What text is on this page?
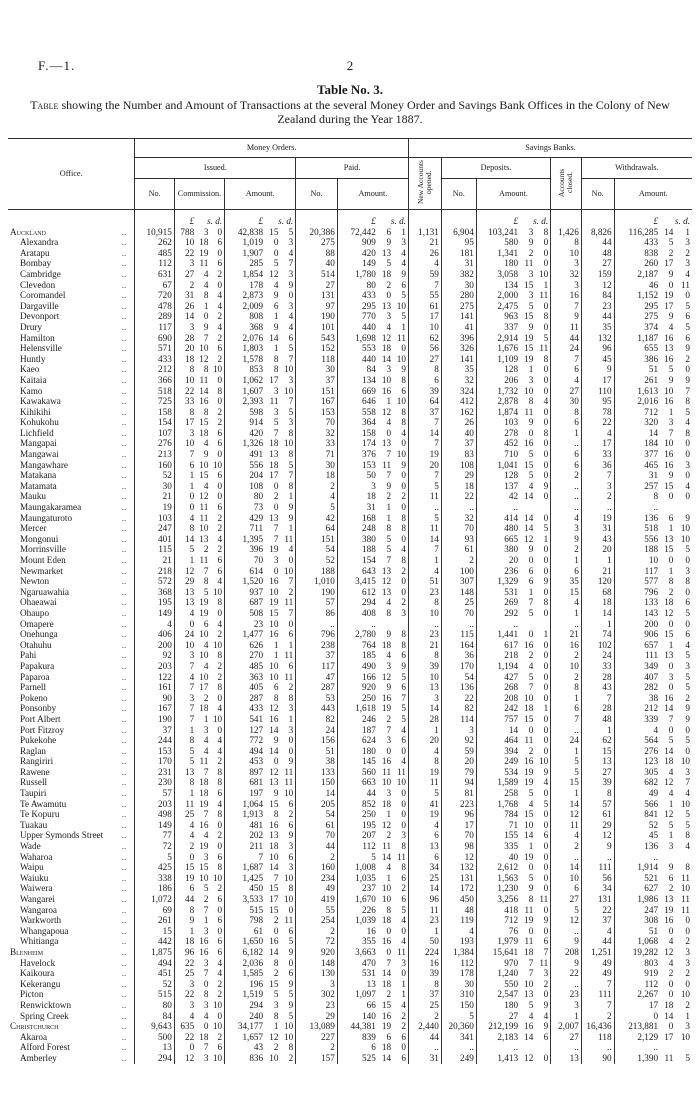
F.—1.	2
Table No. 3.
Table showing the Number and Amount of Transactions at the several Money Order and Savings Bank Offices in the Colony of New Zealand during the Year 1887.
Office.		Money Orders.											Savings Banks.									
		Issued.							Paid.				New Accounts opened.	Deposits.				Accounts closed.	Withdrawals.			
		No.	Commission.			Amount.			No.	Amount.				No.	Amount.				No.	Amount.		

			£	s. d.		£	s. d.			£	s. d.				£	s. d.				£	s. d.	
Auckland	..	10,915	788	3	0	42,838	15	5	20,386	72,442	6	1	1,131	6,904	103,241	3	8	1,426	8,826	116,285	14	1
Alexandra	..	262	10	18	6	1,019	0	3	275	909	9	3	21	95	580	9	0	8	44	433	5	3
Aratapu	..	485	22	19	0	1,907	0	4	88	420	13	4	26	181	1,341	2	0	10	48	838	2	2
Bombay	..	112	3	11	6	285	5	7	40	149	5	4	4	31	180	11	0	3	27	260	17	3
Cambridge	..	631	27	4	2	1,854	12	3	514	1,780	18	9	59	382	3,058	3	10	32	159	2,187	9	4
Clevedon	..	67	2	4	0	178	4	9	27	80	2	6	7	30	134	15	1	3	12	46	0	11
Coromandel	..	720	31	8	4	2,873	9	0	131	433	0	5	55	280	2,000	3	11	16	84	1,152	19	0
Dargaville	..	478	26	1	4	2,009	6	3	97	295	13	10	61	275	2,475	5	0	7	23	295	17	5
Devonport	..	289	14	0	2	808	1	4	190	770	3	5	17	141	963	15	8	9	44	275	9	6
Drury	..	117	3	9	4	368	9	4	101	440	4	1	10	41	337	9	0	11	35	374	4	5
Hamilton	..	690	28	7	2	2,076	14	6	543	1,698	12	11	62	396	2,914	19	5	44	132	1,187	16	6
Helensville	..	571	20	10	6	1,803	1	5	152	553	18	0	56	326	1,676	15	11	24	96	655	13	9
Huntly	..	433	18	12	2	1,578	8	7	118	440	14	10	27	141	1,109	19	8	7	45	386	16	2
Kaeo	..	212	8	8	10	853	8	10	30	84	3	9	8	35	128	1	0	6	9	51	5	0
Kaitaia	..	366	10	11	0	1,062	17	3	37	134	10	8	6	32	206	3	0	4	17	261	9	9
Kamo	..	518	22	14	8	1,607	3	10	151	669	16	6	39	324	1,732	10	0	27	110	1,613	10	7
Kawakawa	..	725	33	16	0	2,393	11	7	167	646	1	10	64	412	2,878	8	4	30	95	2,016	16	8
Kihikihi	..	158	8	8	2	598	3	5	153	558	12	8	37	162	1,874	11	0	8	78	712	1	5
Kohukohu	..	154	17	15	2	914	5	3	70	364	4	8	7	26	103	9	0	6	22	320	3	4
Lichfield	..	107	3	18	6	420	7	8	32	158	0	4	14	40	278	0	8	1	4	14	7	8
Mangapai	..	276	10	4	6	1,326	18	10	33	174	13	0	7	37	452	16	0	..	17	184	10	0
Mangawai	..	213	7	9	0	491	13	8	71	376	7	10	19	83	710	5	0	6	33	377	16	0
Mangawhare	..	160	6	10	10	556	18	5	30	153	11	9	20	108	1,041	15	0	6	36	465	16	3
Matakana	..	52	1	15	6	204	17	7	18	50	7	0	7	29	128	5	0	2	7	31	9	0
Matamata	..	30	1	4	0	108	0	8	2	3	9	0	5	18	137	4	9	..	3	257	15	4
Mauku	..	21	0	12	0	80	2	1	4	18	2	2	11	22	42	14	0	..	2	8	0	0
Maungakaramea	..	19	0	11	6	73	0	9	5	31	1	0	..	..	..			..	..	..		
Maungaturoto	..	103	4	11	2	429	13	9	42	168	1	8	5	32	414	14	0	4	19	136	6	9
Mercer	..	247	8	10	2	711	7	1	64	248	8	8	11	70	480	14	5	3	31	518	1	10
Mongonui	..	401	14	13	4	1,395	7	11	151	380	5	0	14	93	665	12	1	9	43	556	13	10
Morrinsville	..	115	5	2	2	396	19	4	54	188	5	4	7	61	380	9	0	2	20	188	15	5
Mount Eden	..	21	1	11	6	70	3	0	52	154	7	8	1	2	20	0	0	1	1	10	0	0
Newmarket	..	218	12	7	6	614	0	10	188	643	13	2	4	100	236	6	0	6	21	117	1	3
Newton	..	572	29	8	4	1,520	16	7	1,010	3,415	12	0	51	307	1,329	6	9	35	120	577	8	8
Ngaruawahia	..	368	13	5	10	937	10	2	190	612	13	0	23	148	531	1	0	15	68	796	2	0
Ohaeawai	..	195	13	19	8	687	19	11	57	294	4	2	8	25	269	7	8	4	18	133	18	6
Ohaupo	..	149	4	19	0	508	15	7	86	408	8	3	10	70	292	5	0	1	14	143	12	5
Omapere	..	4	0	6	4	23	10	0	..	..			..	..	..			..	1	200	0	0
Onehunga	..	406	24	10	2	1,477	16	6	796	2,780	9	8	23	115	1,441	0	1	21	74	906	15	6
Otahuhu	..	200	10	4	10	626	1	1	238	764	18	8	21	164	617	16	0	16	102	657	1	4
Pahi	..	92	3	10	8	270	1	11	37	185	4	6	8	36	218	2	0	2	24	111	13	5
Papakura	..	203	7	4	2	485	10	6	117	490	3	9	39	170	1,194	4	0	10	33	349	0	3
Paparoa	..	122	4	10	2	363	10	11	47	166	12	5	10	54	427	5	0	2	28	407	3	5
Parnell	..	161	7	17	8	405	6	2	287	920	9	6	13	136	268	7	0	8	43	282	0	5
Pokeno	..	90	3	2	0	287	8	8	53	250	16	7	3	22	208	10	0	1	7	38	16	2
Ponsonby	..	167	7	18	4	433	12	3	443	1,618	19	5	14	82	242	18	1	6	28	212	14	9
Port Albert	..	190	7	1	10	541	16	1	82	246	2	5	28	114	757	15	0	7	48	339	7	9
Port Fitzroy	..	37	1	3	0	127	14	3	24	187	7	4	1	3	14	0	0	..	1	4	0	0
Pukekohe	..	244	8	4	4	772	9	0	156	624	3	6	20	92	464	11	0	24	62	564	5	5
Raglan	..	153	5	4	4	494	14	0	51	180	0	0	4	59	394	2	0	1	15	276	14	0
Rangiriri	..	170	5	11	2	453	0	9	38	145	16	4	8	20	249	16	10	5	13	123	18	10
Rawene	..	231	13	7	8	897	12	11	133	560	11	11	19	79	534	19	9	5	27	305	4	3
Russell	..	230	8	18	8	681	13	11	150	663	10	10	11	94	1,589	19	4	15	39	682	12	7
Taupiri	..	57	1	18	6	197	9	10	14	44	3	0	5	81	258	5	0	1	8	49	4	4
Te Awamutu	..	203	11	19	4	1,064	15	6	205	852	18	0	41	223	1,768	4	5	14	57	566	1	10
Te Kopuru	..	498	25	7	8	1,913	8	2	54	250	1	0	19	96	784	15	0	12	61	841	12	5
Tuakau	..	149	4	16	0	481	16	6	61	195	12	0	4	17	71	10	0	11	29	52	5	5
Upper Symonds Street	..	77	4	4	2	202	13	9	70	207	2	3	6	70	155	14	6	4	12	45	1	8
Wade	..	72	2	19	0	211	18	3	44	112	11	8	13	98	335	1	0	2	9	136	3	4
Waharoa	..	5	0	3	6	7	10	6	2	5	14	11	6	12	40	19	0	..	..	..		
Waipu	..	425	15	15	8	1,687	14	3	160	1,008	4	8	34	132	2,612	0	0	14	111	1,914	9	8
Waiuku	..	338	19	10	10	1,425	7	10	234	1,035	1	6	25	131	1,563	5	0	10	56	521	6	11
Waiwera	..	186	6	5	2	450	15	8	49	237	10	2	14	172	1,230	9	0	6	34	627	2	10
Wangarei	..	1,072	44	2	6	3,533	17	10	419	1,670	10	6	96	450	3,256	8	11	27	131	1,986	13	11
Wangaroa	..	69	8	7	0	515	15	0	55	226	8	5	11	48	418	11	0	5	22	247	19	11
Warkworth	..	261	9	1	6	798	2	11	254	1,039	18	4	23	119	712	19	9	12	37	308	16	0
Whangapoua	..	15	1	3	0	61	0	6	2	16	0	0	1	4	76	0	0	..	4	51	0	0
Whitianga	..	442	18	16	6	1,650	16	5	72	355	16	4	50	193	1,979	11	6	9	44	1,068	4	2
Blenheim	..	1,875	96	16	6	6,182	14	9	920	3,663	0	11	224	1,384	15,641	18	7	208	1,251	19,282	12	3
Havelock	..	494	22	3	4	2,036	8	0	148	470	7	3	16	112	970	7	11	9	49	803	4	3
Kaikoura	..	451	25	7	4	1,585	2	6	130	531	14	0	39	178	1,240	7	3	22	49	919	2	2
Kekerangu	..	52	3	0	2	196	15	9	3	13	18	1	8	30	550	10	2	..	7	112	0	0
Picton	..	515	22	8	2	1,519	5	5	302	1,097	2	1	37	310	2,547	13	0	23	111	2,267	0	10
Renwicktown	..	80	3	3	10	294	3	9	23	66	15	4	25	150	180	5	9	3	7	17	18	2
Spring Creek	..	84	4	4	0	240	8	5	29	140	16	2	2	5	27	4	4	1	2	0	14	1
Christchurch	..	9,643	635	0	10	34,177	1	10	13,089	44,381	19	2	2,440	20,360	212,199	16	9	2,007	16,436	213,881	0	3
Akaroa	..	500	22	18	2	1,657	12	10	227	839	6	6	44	341	2,183	14	6	27	118	2,129	17	10
Alford Forest	..	13	0	7	6	43	2	8	2	6	18	0	..	..	..			..	..	..		
Amberley	..	294	12	3	10	836	10	2	157	525	14	6	31	249	1,413	12	0	13	90	1,390	11	5
